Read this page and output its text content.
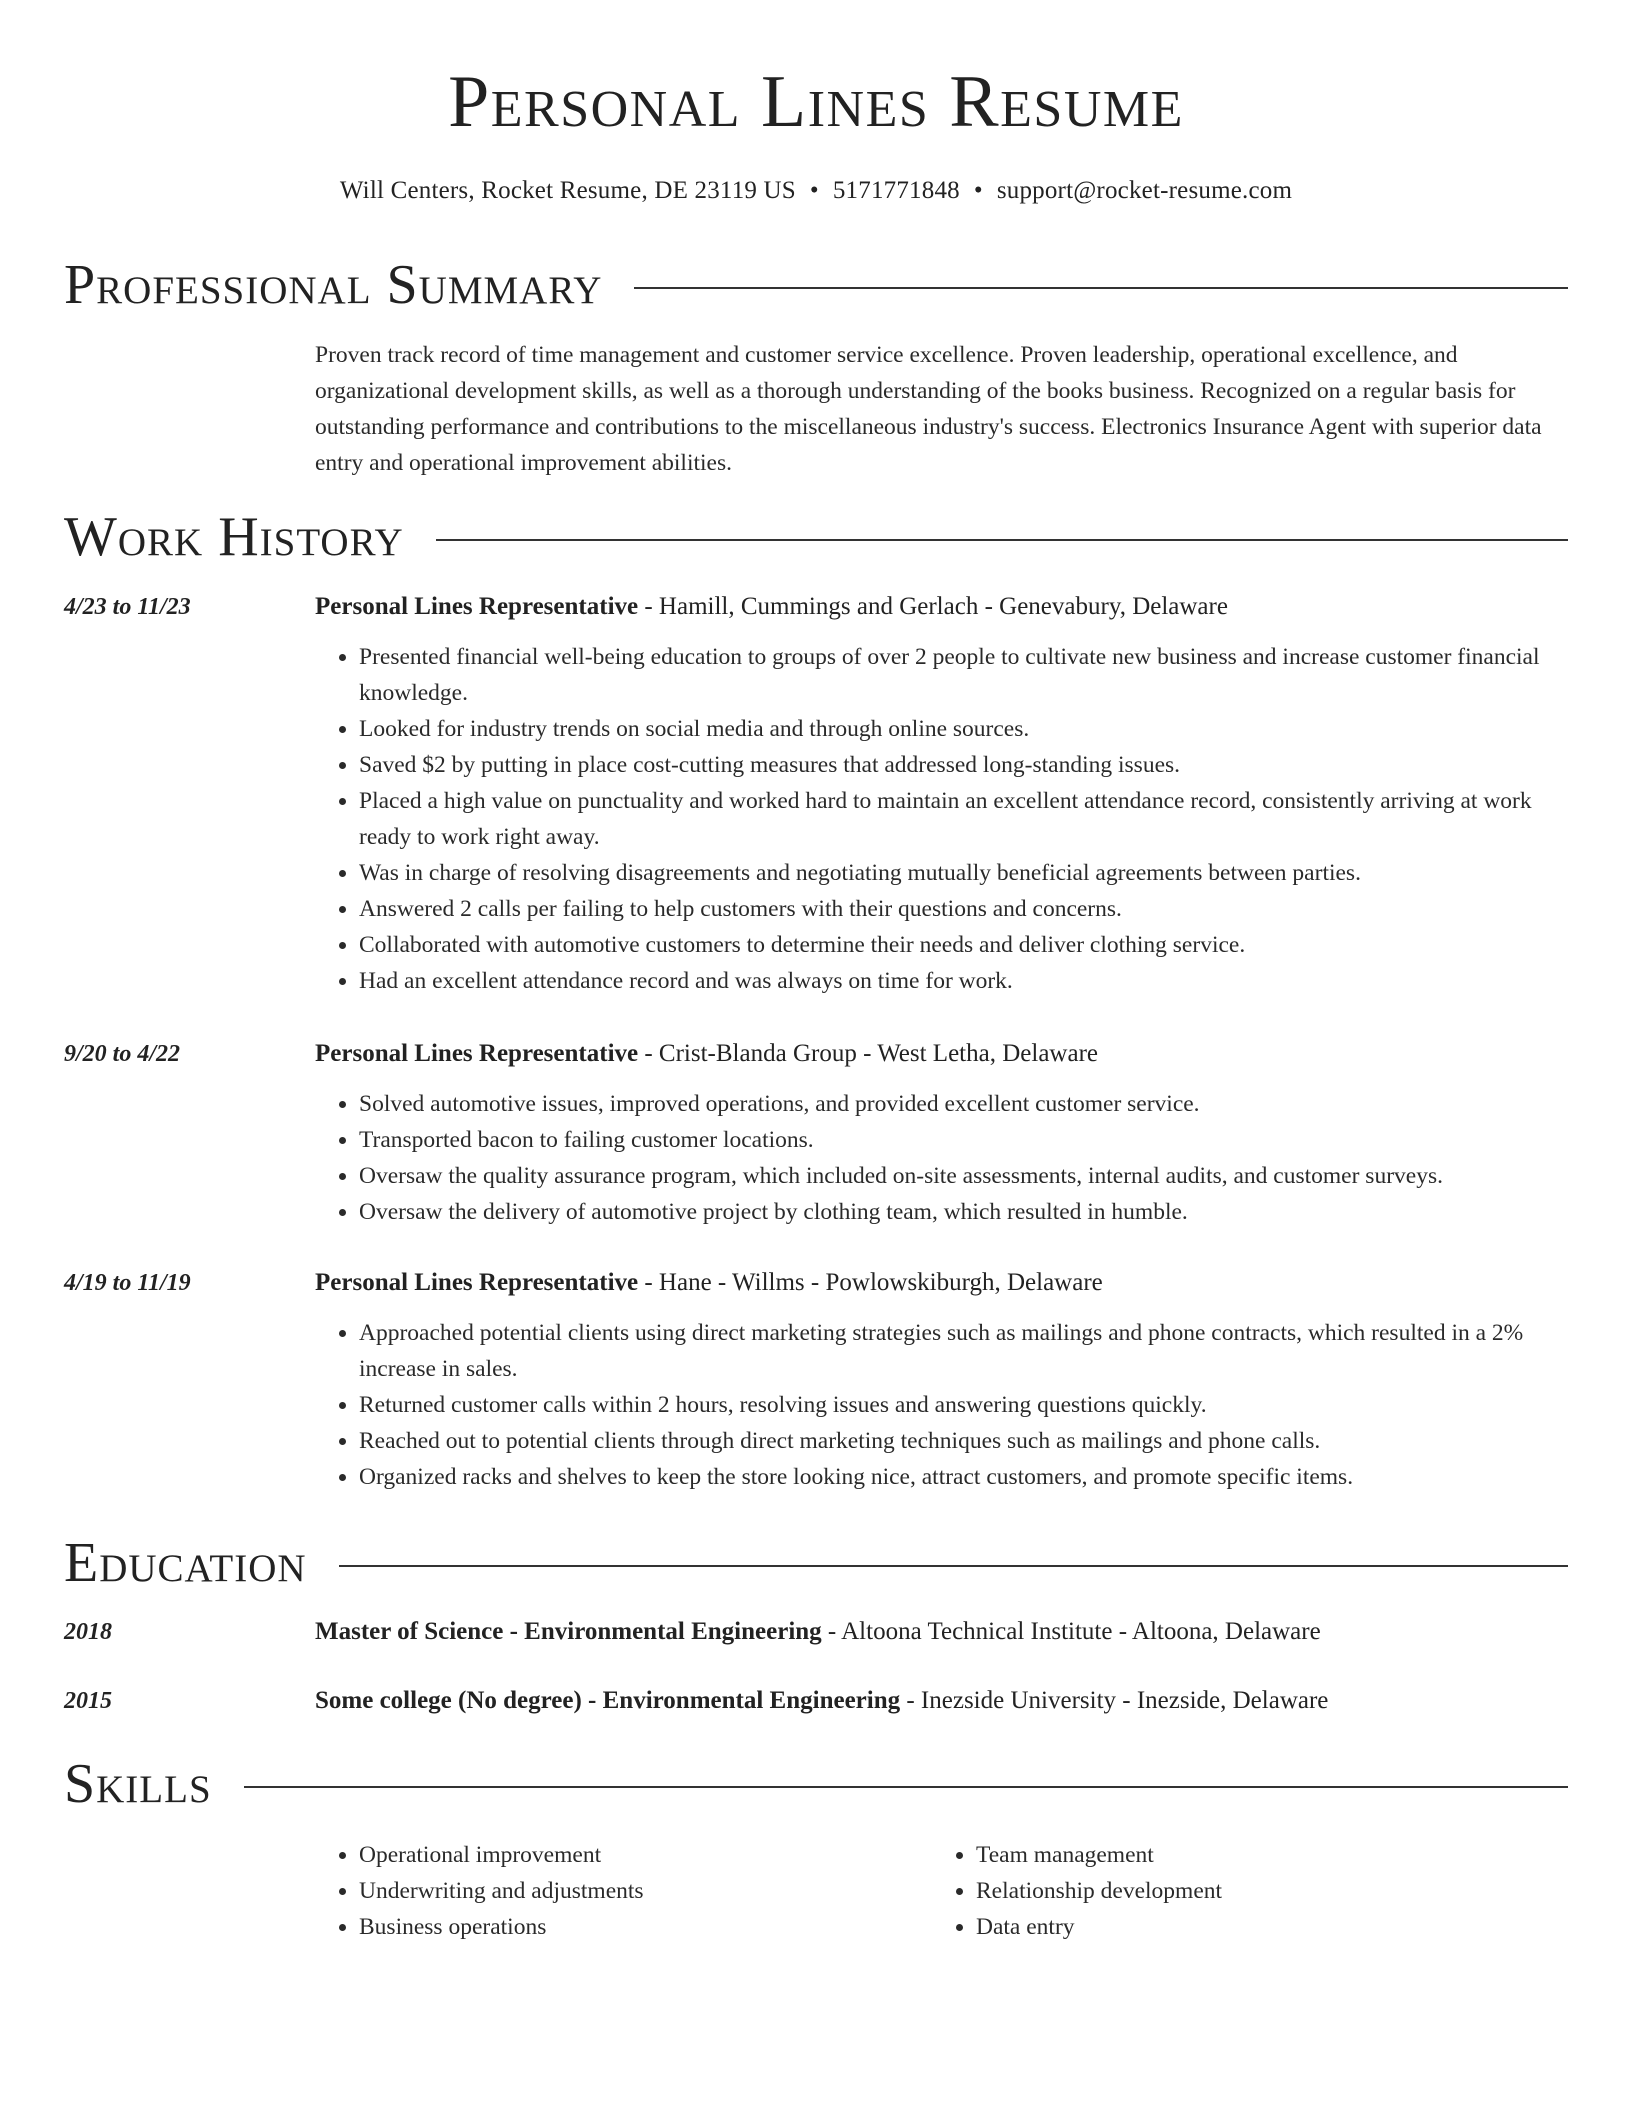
Personal Lines Resume
Will Centers, Rocket Resume, DE 23119 US • 5171771848 • support@rocket-resume.com
Professional Summary
Proven track record of time management and customer service excellence. Proven leadership, operational excellence, and organizational development skills, as well as a thorough understanding of the books business. Recognized on a regular basis for outstanding performance and contributions to the miscellaneous industry's success. Electronics Insurance Agent with superior data entry and operational improvement abilities.
Work History
4/23 to 11/23	Personal Lines Representative - Hamill, Cummings and Gerlach - Genevabury, Delaware
• Presented financial well-being education to groups of over 2 people to cultivate new business and increase customer financial knowledge.
• Looked for industry trends on social media and through online sources.
• Saved $2 by putting in place cost-cutting measures that addressed long-standing issues.
• Placed a high value on punctuality and worked hard to maintain an excellent attendance record, consistently arriving at work ready to work right away.
• Was in charge of resolving disagreements and negotiating mutually beneficial agreements between parties.
• Answered 2 calls per failing to help customers with their questions and concerns.
• Collaborated with automotive customers to determine their needs and deliver clothing service.
• Had an excellent attendance record and was always on time for work.
9/20 to 4/22	Personal Lines Representative - Crist-Blanda Group - West Letha, Delaware
• Solved automotive issues, improved operations, and provided excellent customer service.
• Transported bacon to failing customer locations.
• Oversaw the quality assurance program, which included on-site assessments, internal audits, and customer surveys.
• Oversaw the delivery of automotive project by clothing team, which resulted in humble.
4/19 to 11/19	Personal Lines Representative - Hane - Willms - Powlowskiburgh, Delaware
• Approached potential clients using direct marketing strategies such as mailings and phone contracts, which resulted in a 2% increase in sales.
• Returned customer calls within 2 hours, resolving issues and answering questions quickly.
• Reached out to potential clients through direct marketing techniques such as mailings and phone calls.
• Organized racks and shelves to keep the store looking nice, attract customers, and promote specific items.
Education
2018	Master of Science - Environmental Engineering - Altoona Technical Institute - Altoona, Delaware
2015	Some college (No degree) - Environmental Engineering - Inezside University - Inezside, Delaware
Skills
• Operational improvement
• Underwriting and adjustments
• Business operations
• Team management
• Relationship development
• Data entry
